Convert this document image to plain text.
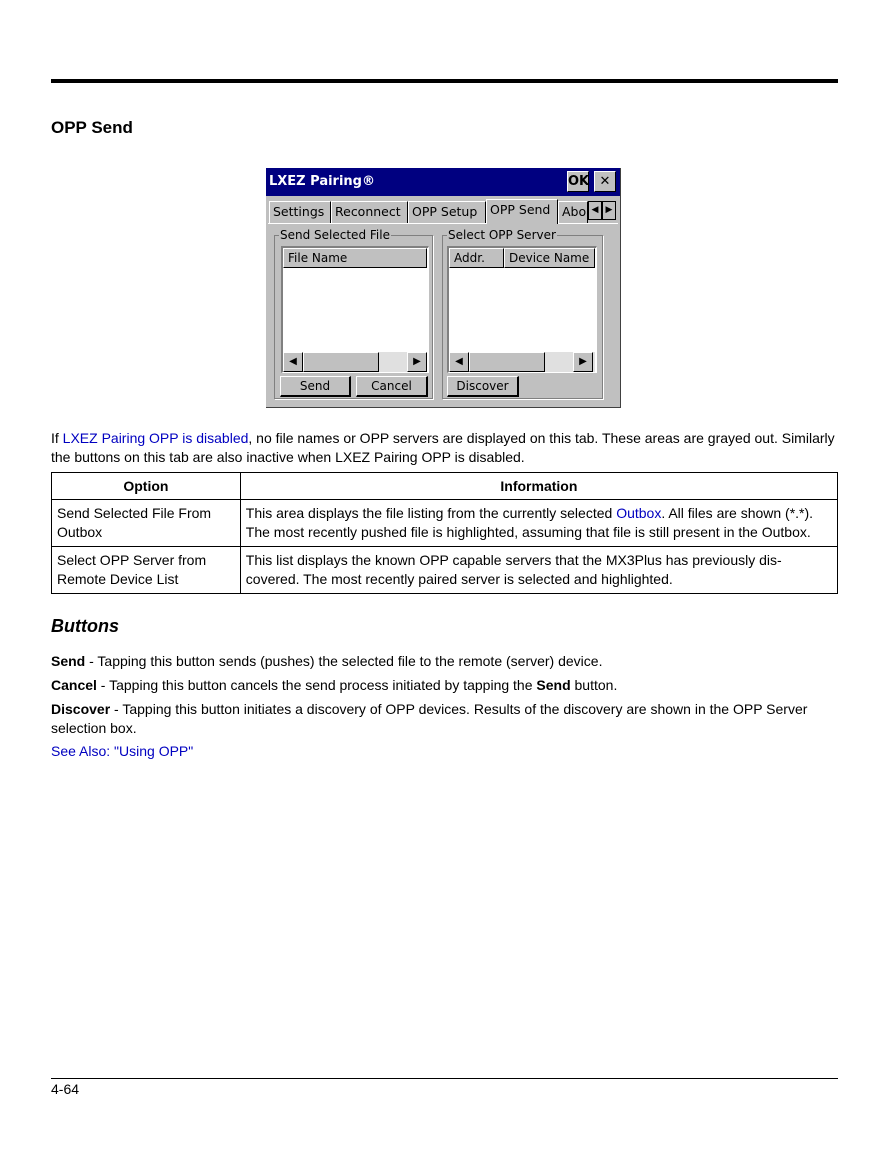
OPP Send
LXEZ Pairing®	OK ✕
Settings Reconnect OPP Setup	OPP Send Abo ◀ ▶
Send Selected File
File Name
◀	▶
Send	Cancel
Select OPP Server
Addr.	Device Name
◀	▶
Discover

If LXEZ Pairing OPP is disabled, no file names or OPP servers are displayed on this tab. These areas are grayed out. Similarly the buttons on this tab are also inactive when LXEZ Pairing OPP is disabled.

Option	Information
Send Selected File From Outbox	This area displays the file listing from the currently selected Outbox. All files are shown (*.*). The most recently pushed file is highlighted, assuming that file is still present in the Outbox.
Select OPP Server from Remote Device List	This list displays the known OPP capable servers that the MX3Plus has previously dis-covered. The most recently paired server is selected and highlighted.
Buttons

Send - Tapping this button sends (pushes) the selected file to the remote (server) device.

Cancel - Tapping this button cancels the send process initiated by tapping the Send button.

Discover - Tapping this button initiates a discovery of OPP devices. Results of the discovery are shown in the OPP Server selection box.

See Also: "Using OPP"

4-64
